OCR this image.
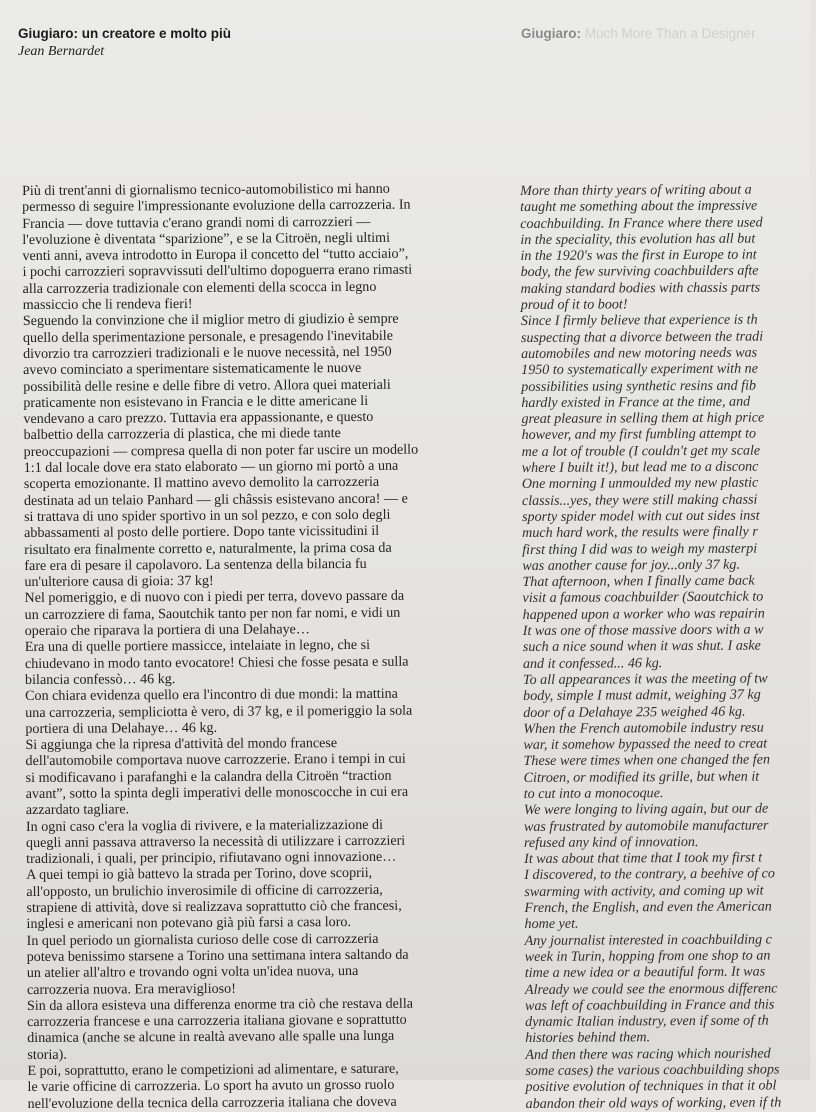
Giugiaro: un creatore e molto più
Jean Bernardet
Giugiaro: Much More Than a Designer
Più di trent'anni di giornalismo tecnico-automobilistico mi hanno
permesso di seguire l'impressionante evoluzione della carrozzeria. In
Francia — dove tuttavia c'erano grandi nomi di carrozzieri —
l'evoluzione è diventata “sparizione”, e se la Citroën, negli ultimi
venti anni, aveva introdotto in Europa il concetto del “tutto acciaio”,
i pochi carrozzieri sopravvissuti dell'ultimo dopoguerra erano rimasti
alla carrozzeria tradizionale con elementi della scocca in legno
massiccio che li rendeva fieri!
Seguendo la convinzione che il miglior metro di giudizio è sempre
quello della sperimentazione personale, e presagendo l'inevitabile
divorzio tra carrozzieri tradizionali e le nuove necessità, nel 1950
avevo cominciato a sperimentare sistematicamente le nuove
possibilità delle resine e delle fibre di vetro. Allora quei materiali
praticamente non esistevano in Francia e le ditte americane li
vendevano a caro prezzo. Tuttavia era appassionante, e questo
balbettio della carrozzeria di plastica, che mi diede tante
preoccupazioni — compresa quella di non poter far uscire un modello
1:1 dal locale dove era stato elaborato — un giorno mi portò a una
scoperta emozionante. Il mattino avevo demolito la carrozzeria
destinata ad un telaio Panhard — gli châssis esistevano ancora! — e
si trattava di uno spider sportivo in un sol pezzo, e con solo degli
abbassamenti al posto delle portiere. Dopo tante vicissitudini il
risultato era finalmente corretto e, naturalmente, la prima cosa da
fare era di pesare il capolavoro. La sentenza della bilancia fu
un'ulteriore causa di gioia: 37 kg!
Nel pomeriggio, e di nuovo con i piedi per terra, dovevo passare da
un carrozziere di fama, Saoutchik tanto per non far nomi, e vidi un
operaio che riparava la portiera di una Delahaye…
Era una di quelle portiere massicce, intelaiate in legno, che si
chiudevano in modo tanto evocatore! Chiesi che fosse pesata e sulla
bilancia confessò… 46 kg.
Con chiara evidenza quello era l'incontro di due mondi: la mattina
una carrozzeria, sempliciotta è vero, di 37 kg, e il pomeriggio la sola
portiera di una Delahaye… 46 kg.
Si aggiunga che la ripresa d'attività del mondo francese
dell'automobile comportava nuove carrozzerie. Erano i tempi in cui
si modificavano i parafanghi e la calandra della Citroën “traction
avant”, sotto la spinta degli imperativi delle monoscocche in cui era
azzardato tagliare.
In ogni caso c'era la voglia di rivivere, e la materializzazione di
quegli anni passava attraverso la necessità di utilizzare i carrozzieri
tradizionali, i quali, per principio, rifiutavano ogni innovazione…
A quei tempi io già battevo la strada per Torino, dove scoprii,
all'opposto, un brulichio inverosimile di officine di carrozzeria,
strapiene di attività, dove si realizzava soprattutto ciò che francesi,
inglesi e americani non potevano già più farsi a casa loro.
In quel periodo un giornalista curioso delle cose di carrozzeria
poteva benissimo starsene a Torino una settimana intera saltando da
un atelier all'altro e trovando ogni volta un'idea nuova, una
carrozzeria nuova. Era meraviglioso!
Sin da allora esisteva una differenza enorme tra ciò che restava della
carrozzeria francese e una carrozzeria italiana giovane e soprattutto
dinamica (anche se alcune in realtà avevano alle spalle una lunga
storia).
E poi, soprattutto, erano le competizioni ad alimentare, e saturare,
le varie officine di carrozzeria. Lo sport ha avuto un grosso ruolo
nell'evoluzione della tecnica della carrozzeria italiana che doveva
More than thirty years of writing about a
taught me something about the impressive
coachbuilding. In France where there used
in the speciality, this evolution has all but
in the 1920's was the first in Europe to int
body, the few surviving coachbuilders afte
making standard bodies with chassis parts
proud of it to boot!
Since I firmly believe that experience is th
suspecting that a divorce between the tradi
automobiles and new motoring needs was
1950 to systematically experiment with ne
possibilities using synthetic resins and fib
hardly existed in France at the time, and
great pleasure in selling them at high price
however, and my first fumbling attempt to
me a lot of trouble (I couldn't get my scale
where I built it!), but lead me to a disconc
One morning I unmoulded my new plastic
classis...yes, they were still making chassi
sporty spider model with cut out sides inst
much hard work, the results were finally r
first thing I did was to weigh my masterpi
was another cause for joy...only 37 kg.
That afternoon, when I finally came back
visit a famous coachbuilder (Saoutchick to
happened upon a worker who was repairin
It was one of those massive doors with a w
such a nice sound when it was shut. I aske
and it confessed... 46 kg.
To all appearances it was the meeting of tw
body, simple I must admit, weighing 37 kg
door of a Delahaye 235 weighed 46 kg.
When the French automobile industry resu
war, it somehow bypassed the need to creat
These were times when one changed the fen
Citroen, or modified its grille, but when it
to cut into a monocoque.
We were longing to living again, but our de
was frustrated by automobile manufacturer
refused any kind of innovation.
It was about that time that I took my first t
I discovered, to the contrary, a beehive of co
swarming with activity, and coming up wit
French, the English, and even the American
home yet.
Any journalist interested in coachbuilding c
week in Turin, hopping from one shop to an
time a new idea or a beautiful form. It was
Already we could see the enormous differenc
was left of coachbuilding in France and this
dynamic Italian industry, even if some of th
histories behind them.
And then there was racing which nourished
some cases) the various coachbuilding shops
positive evolution of techniques in that it obl
abandon their old ways of working, even if th
